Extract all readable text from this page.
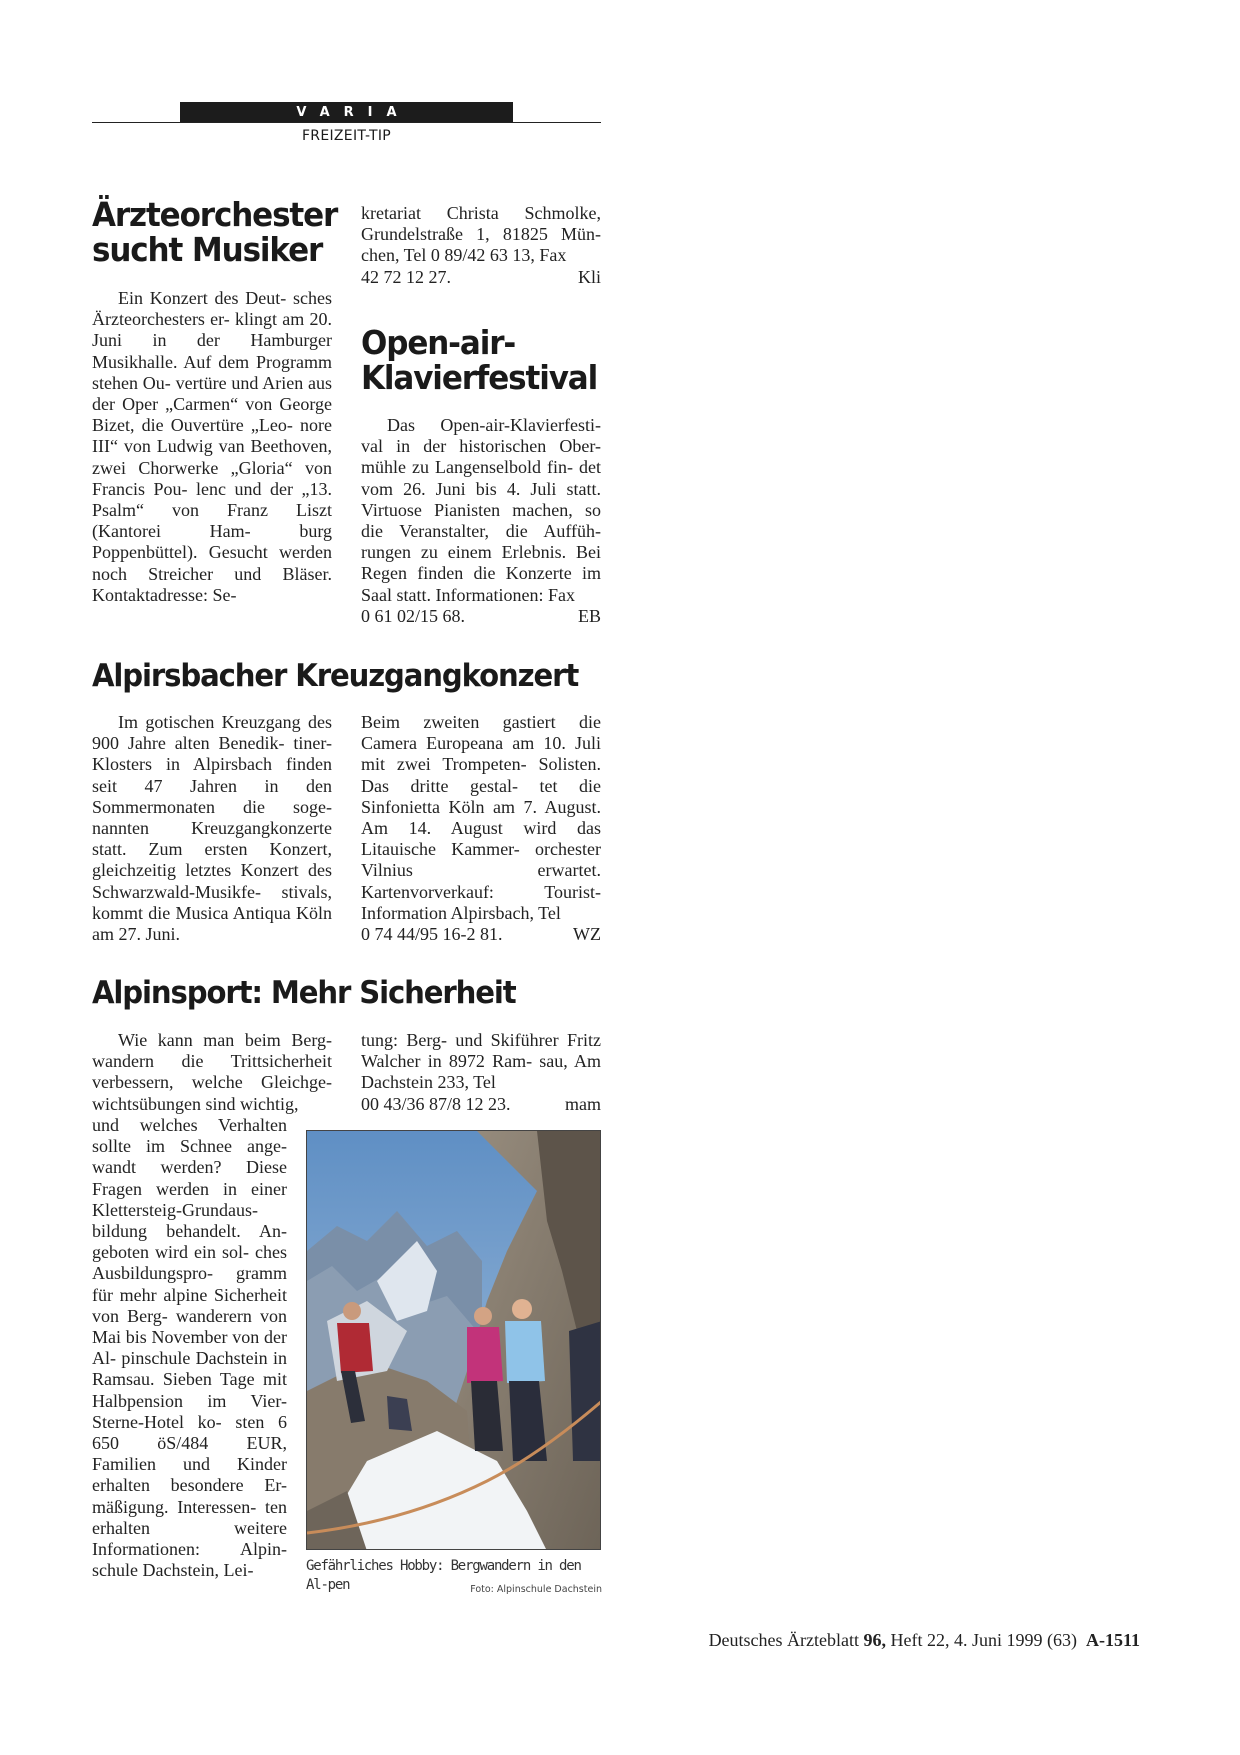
VARIA
FREIZEIT-TIP
Ärzteorchester
sucht Musiker

Ein Konzert des Deut- sches Ärzteorchesters er- klingt am 20. Juni in der Hamburger Musikhalle. Auf dem Programm stehen Ou- vertüre und Arien aus der Oper „Carmen“ von George Bizet, die Ouvertüre „Leo- nore III“ von Ludwig van Beethoven, zwei Chorwerke „Gloria“ von Francis Pou- lenc und der „13. Psalm“ von Franz Liszt (Kantorei Ham-	burg Poppenbüttel). Gesucht werden noch Streicher und Bläser. Kontaktadresse: Se-

kretariat Christa Schmolke, Grundelstraße 1, 81825 Mün- chen, Tel 0 89/42 63 13, Fax

42 72 12 27.	Kli
Open-air-
Klavierfestival

Das Open-air-Klavierfesti- val in der historischen Ober- mühle zu Langenselbold fin- det vom 26. Juni bis 4. Juli statt. Virtuose Pianisten machen, so die Veranstalter, die Auffüh- rungen zu einem Erlebnis. Bei Regen finden die Konzerte im Saal statt. Informationen: Fax

0 61 02/15 68.	EB
Alpirsbacher Kreuzgangkonzert

Im gotischen Kreuzgang des 900 Jahre alten Benedik- tiner-Klosters in Alpirsbach finden seit 47 Jahren in den Sommermonaten die soge- nannten Kreuzgangkonzerte statt. Zum ersten Konzert, gleichzeitig letztes Konzert des Schwarzwald-Musikfe- stivals, kommt die Musica Antiqua Köln am 27. Juni.

Beim zweiten gastiert die Camera Europeana am 10. Juli mit zwei Trompeten- Solisten. Das dritte gestal- tet die Sinfonietta Köln am 7. August. Am 14. August wird das Litauische Kammer- orchester Vilnius erwartet. Kartenvorverkauf: Tourist- Information Alpirsbach, Tel

0 74 44/95 16-2 81.	WZ
Alpinsport: Mehr Sicherheit

Wie kann man beim Berg- wandern die Trittsicherheit verbessern, welche Gleichge- wichtsübungen sind wichtig,

und welches Verhalten sollte im Schnee ange- wandt werden? Diese Fragen werden in einer Klettersteig-Grundaus- bildung behandelt. An- geboten wird ein sol- ches Ausbildungspro- gramm für mehr alpine Sicherheit von Berg- wanderern von Mai bis November von der Al- pinschule Dachstein in Ramsau. Sieben Tage mit Halbpension im Vier-Sterne-Hotel ko- sten 6 650 öS/484 EUR, Familien und Kinder erhalten besondere Er- mäßigung. Interessen- ten erhalten weitere Informationen: Alpin- schule Dachstein, Lei-

tung: Berg- und Skiführer Fritz Walcher in 8972 Ram- sau, Am Dachstein 233, Tel

00 43/36 87/8 12 23.	mam
Gefährliches Hobby: Bergwandern in den Al-pen	Foto: Alpinschule Dachstein
Deutsches Ärzteblatt 96, Heft 22, 4. Juni 1999 (63) A-1511
